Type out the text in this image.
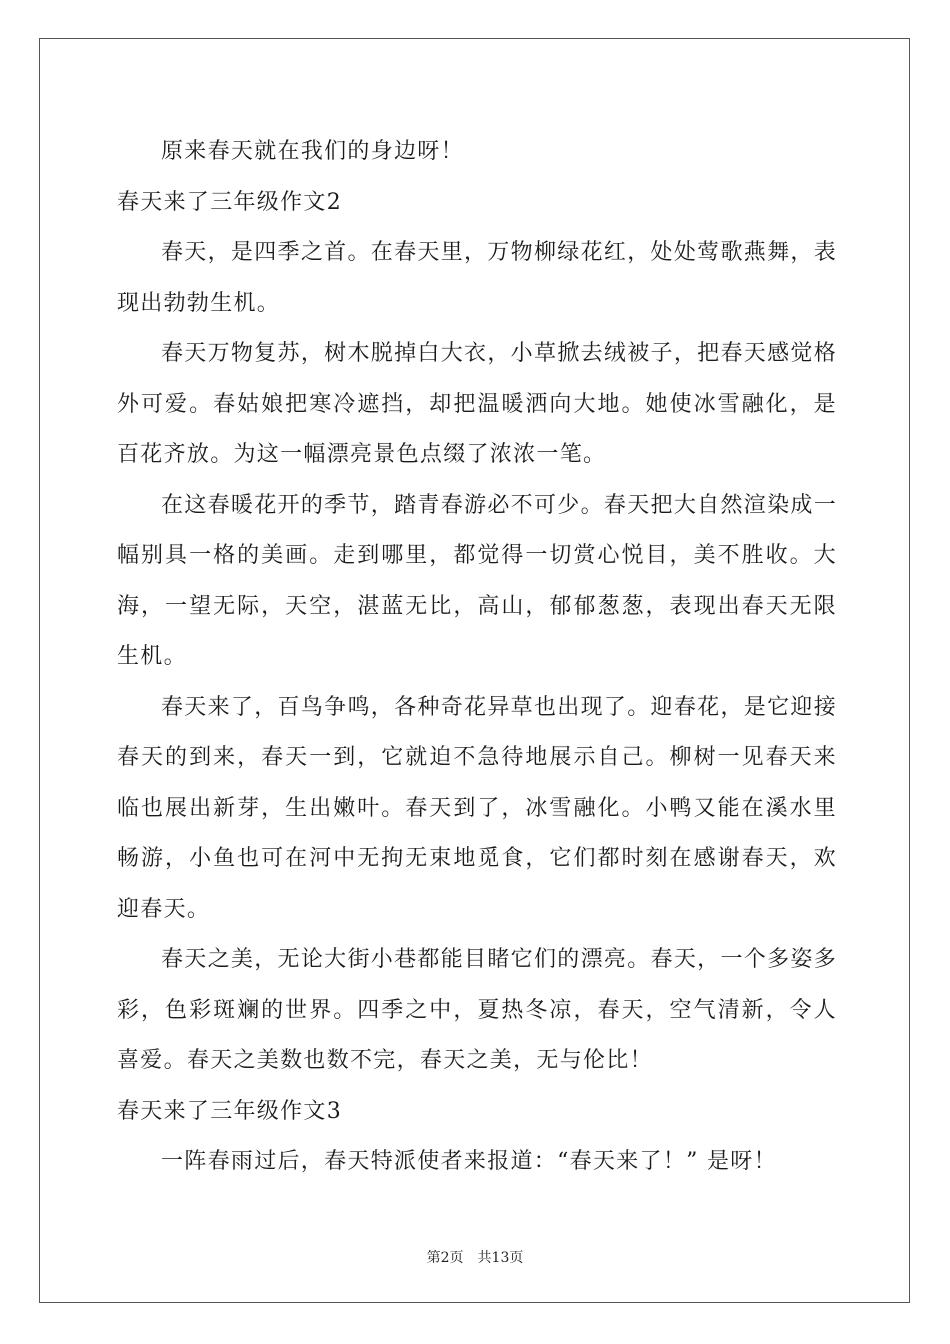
原来春天就在我们的身边呀！

春天来了三年级作文2

春天，是四季之首。在春天里，万物柳绿花红，处处莺歌燕舞，表现出勃勃生机。

春天万物复苏，树木脱掉白大衣，小草掀去绒被子，把春天感觉格外可爱。春姑娘把寒冷遮挡，却把温暖洒向大地。她使冰雪融化，是百花齐放。为这一幅漂亮景色点缀了浓浓一笔。

在这春暖花开的季节，踏青春游必不可少。春天把大自然渲染成一幅别具一格的美画。走到哪里，都觉得一切赏心悦目，美不胜收。大海，一望无际，天空，湛蓝无比，高山，郁郁葱葱，表现出春天无限生机。

春天来了，百鸟争鸣，各种奇花异草也出现了。迎春花，是它迎接春天的到来，春天一到，它就迫不急待地展示自己。柳树一见春天来临也展出新芽，生出嫩叶。春天到了，冰雪融化。小鸭又能在溪水里畅游，小鱼也可在河中无拘无束地觅食，它们都时刻在感谢春天，欢迎春天。

春天之美，无论大街小巷都能目睹它们的漂亮。春天，一个多姿多彩，色彩斑斓的世界。四季之中，夏热冬凉，春天，空气清新，令人喜爱。春天之美数也数不完，春天之美，无与伦比！

春天来了三年级作文3

一阵春雨过后，春天特派使者来报道：“春天来了！” 是呀！

第2页 共13页
